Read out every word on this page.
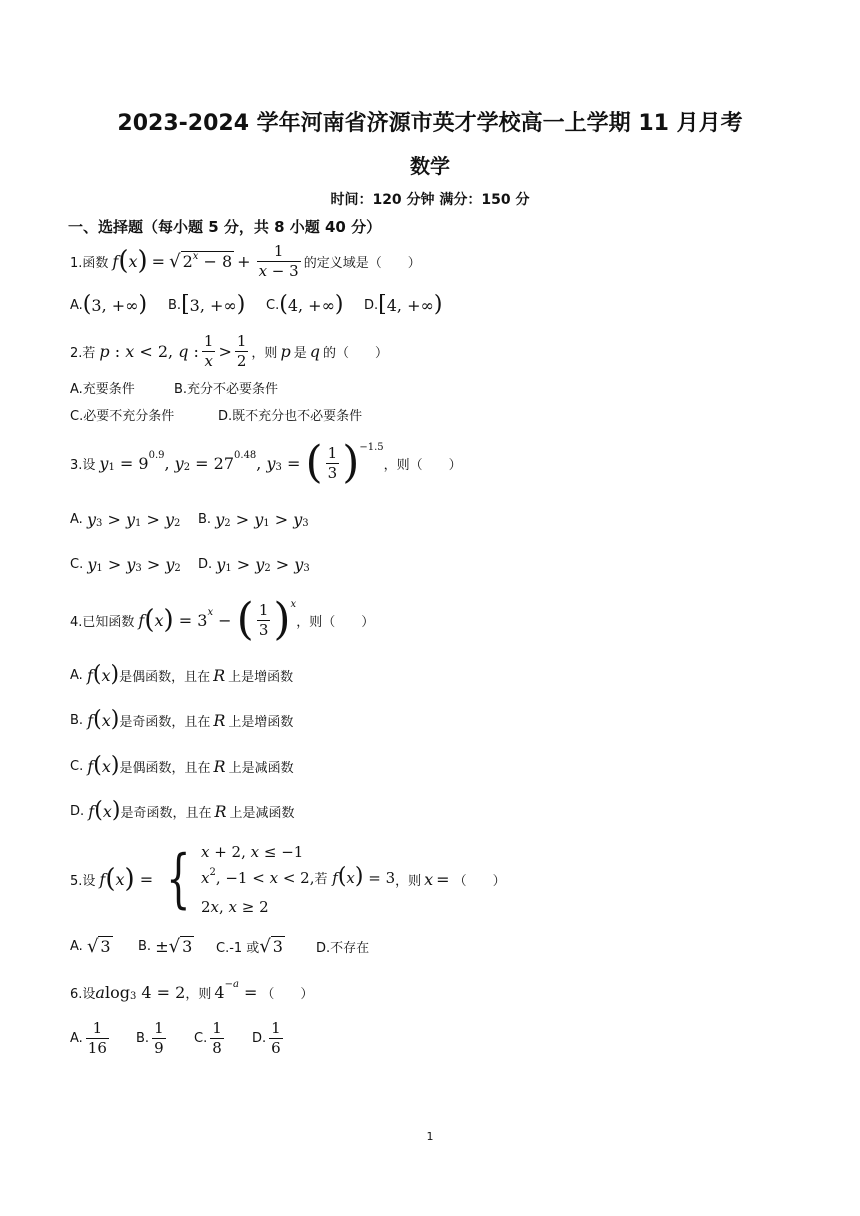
2023-2024 学年河南省济源市英才学校高一上学期 11 月月考
数学
时间：120 分钟 满分：150 分
一、选择题（每小题 5 分，共 8 小题 40 分）
1.函数 f ( x ) = √ $2^x - 8 + \frac{1}{x - 3}$ 的定义域是（　　）
A. ( 3, +∞ ) B. [ 3, +∞ ) C. ( 4, +∞ ) D. [ 4, +∞ )
2.若 p : x < 2, q : $\frac{1}{x} > \frac{1}{2}$ ，则 p 是 q 的（　　）
A.充要条件	B.充分不必要条件
C.必要不充分条件	D.既不充分也不必要条件
3.设 y 1 = 9 0.9 , y 2 = 27 0.48 , y 3 = ( $\frac{1}{3}$ ) −1.5
，则（　　）
A.
y 3 > y 1 > y 2 B.
y 2 > y 1 > y 3
C.
y 1 > y 3 > y 2 D.
y 1 > y 2 > y 3
4.已知函数 f ( x ) = 3 x − ( $\frac{1}{3}$ ) x
，则（　　）
A.
f ( x ) 是偶函数，且在 R 上是增函数
B.
f ( x ) 是奇函数，且在 R 上是增函数
C.
f ( x ) 是偶函数，且在 R 上是减函数
D.
f ( x ) 是奇函数，且在 R 上是减函数
5.设 f ( x ) = { x + 2, x ≤ −1
$x^2$, −1 < x < 2,若 f(x) = 3
2x, x ≥ 2
，则 x = （　　）
A.
√ 3 B.
± √ 3 C.-1 或 √ 3	D.不存在
6.设 a log 3 4 = 2 ，则 4 −a = （　　）
A. $\frac{1}{16} B$. $\frac{1}{9} C$. $\frac{1}{8} D$. $\frac{1}{6}$
1
